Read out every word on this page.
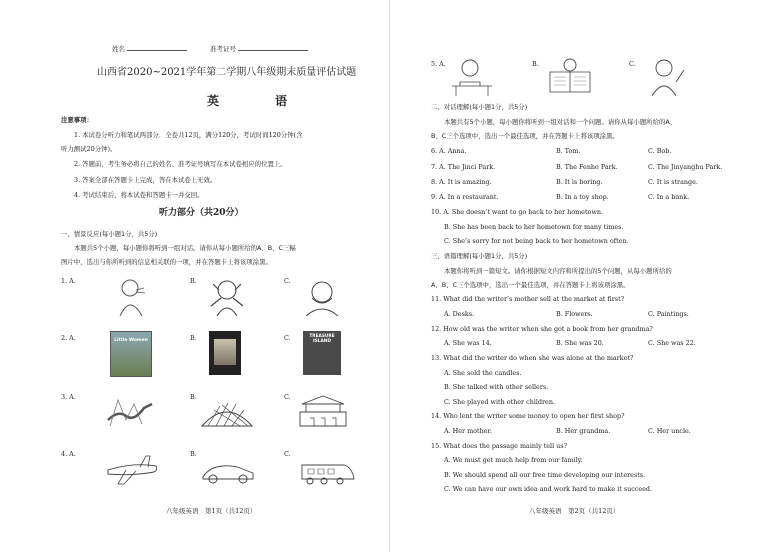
姓名	准考证号
山西省2020~2021学年第二学期八年级期末质量评估试题
英　语
注意事项：
1. 本试卷分听力和笔试两部分．全卷共12页，满分120分，考试时间120分钟(含
听力测试20分钟)。
2. 答题前，考生务必将自己的姓名、准考证号填写在本试卷相应的位置上。
3. 答案全部在答题卡上完成，答在本试卷上无效。
4. 考试结束后，将本试卷和答题卡一并交回。
听力部分（共20分）
一、情景反应(每小题1分，共5分)
本题共5个小题，每小题你将听到一组对话。请你从每小题所给的A、B、C三幅
图片中，选出与你所听到的信息相关联的一项，并在答题卡上将该项涂黑。
1. A.	B.	C.
2. A.	B.	C.
Little Women
TREASURE ISLAND
3. A.	B.	C.
4. A.	B.	C.
八年级英语　第1页（共12页）
5. A.	B.	C.
二、对话理解(每小题1分，共5分)
本题共有5个小题，每小题你将听到一组对话和一个问题。请你从每小题所给的A、
B、C三个选项中，选出一个最佳选项，并在答题卡上将该项涂黑。
6. A. Anna.	B. Tom.	C. Bob.
7. A. The Jinci Park.	B. The Fenhe Park.	C. The Jinyanghu Park.
8. A. It is amazing.	B. It is boring.	C. It is strange.
9. A. In a restaurant.	B. In a toy shop.	C. In a bank.
10. A. She doesn’t want to go back to her hometown.
B. She has been back to her hometown for many times.
C. She’s sorry for not being back to her hometown often.
三、语篇理解(每小题1分，共5分)
本题你将听到一篇短文。请你根据短文内容和所提出的5个问题，从每小题所给的
A、B、C三个选项中，选出一个最佳选项，并在答题卡上将该项涂黑。
11. What did the writer’s mother sell at the market at first?
A. Desks.	B. Flowers.	C. Paintings.
12. How old was the writer when she got a book from her grandma?
A. She was 14.	B. She was 20.	C. She was 22.
13. What did the writer do when she was alone at the market?
A. She sold the candles.
B. She talked with other sellers.
C. She played with other children.
14. Who lent the writer some money to open her first shop?
A. Her mother.	B. Her grandma.	C. Her uncle.
15. What does the passage mainly tell us?
A. We must get much help from our family.
B. We should spend all our free time developing our interests.
C. We can have our own idea and work hard to make it succeed.
八年级英语　第2页（共12页）
